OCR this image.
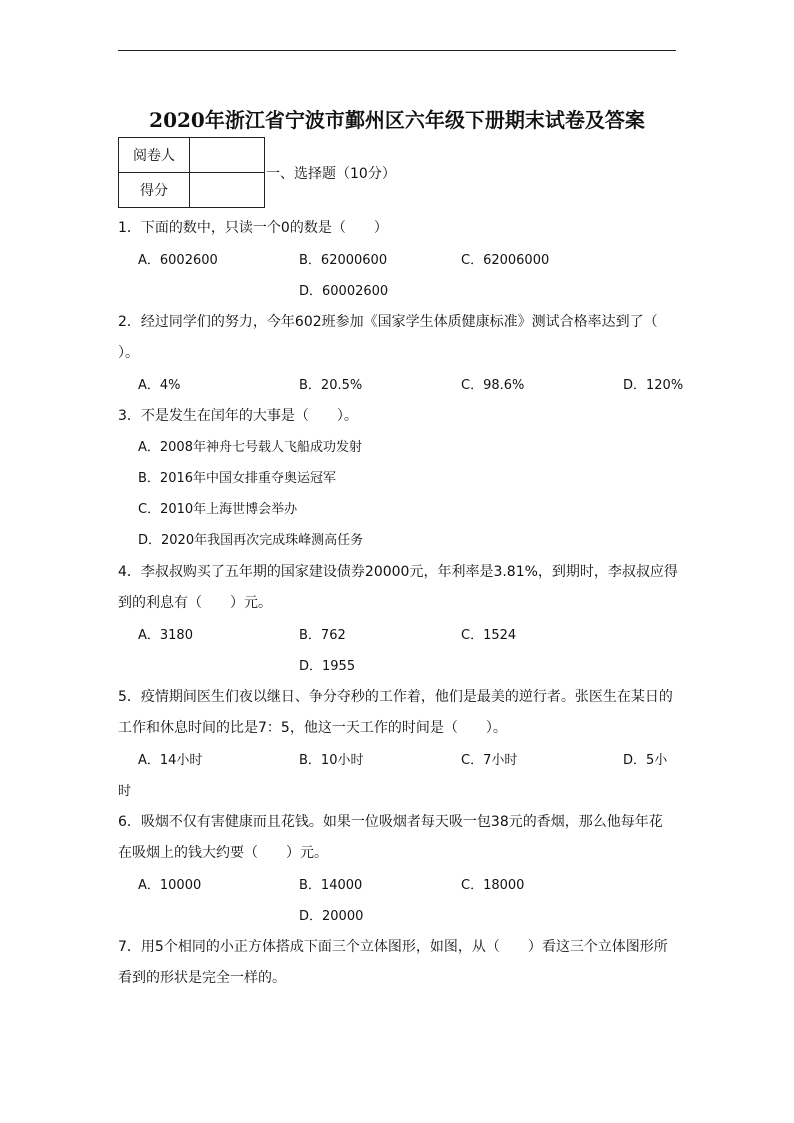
2020年浙江省宁波市鄞州区六年级下册期末试卷及答案
阅卷人	
得分	
一、选择题（10分）
1．下面的数中，只读一个0的数是（　　）
A．6002600	B．62000600	C．62006000
D．60002600
2．经过同学们的努力，今年602班参加《国家学生体质健康标准》测试合格率达到了（
）。
A．4%	B．20.5%	C．98.6%	D．120%
3．不是发生在闰年的大事是（　　）。
A．2008年神舟七号载人飞船成功发射
B．2016年中国女排重夺奥运冠军
C．2010年上海世博会举办
D．2020年我国再次完成珠峰测高任务
4．李叔叔购买了五年期的国家建设债券20000元，年利率是3.81%，到期时，李叔叔应得
到的利息有（　　）元。
A．3180	B．762	C．1524
D．1955
5．疫情期间医生们夜以继日、争分夺秒的工作着，他们是最美的逆行者。张医生在某日的
工作和休息时间的比是7：5，他这一天工作的时间是（　　）。
A．14小时	B．10小时	C．7小时	D．5小
时
6．吸烟不仅有害健康而且花钱。如果一位吸烟者每天吸一包38元的香烟，那么他每年花
在吸烟上的钱大约要（　　）元。
A．10000	B．14000	C．18000
D．20000
7．用5个相同的小正方体搭成下面三个立体图形，如图，从（　　）看这三个立体图形所
看到的形状是完全一样的。
